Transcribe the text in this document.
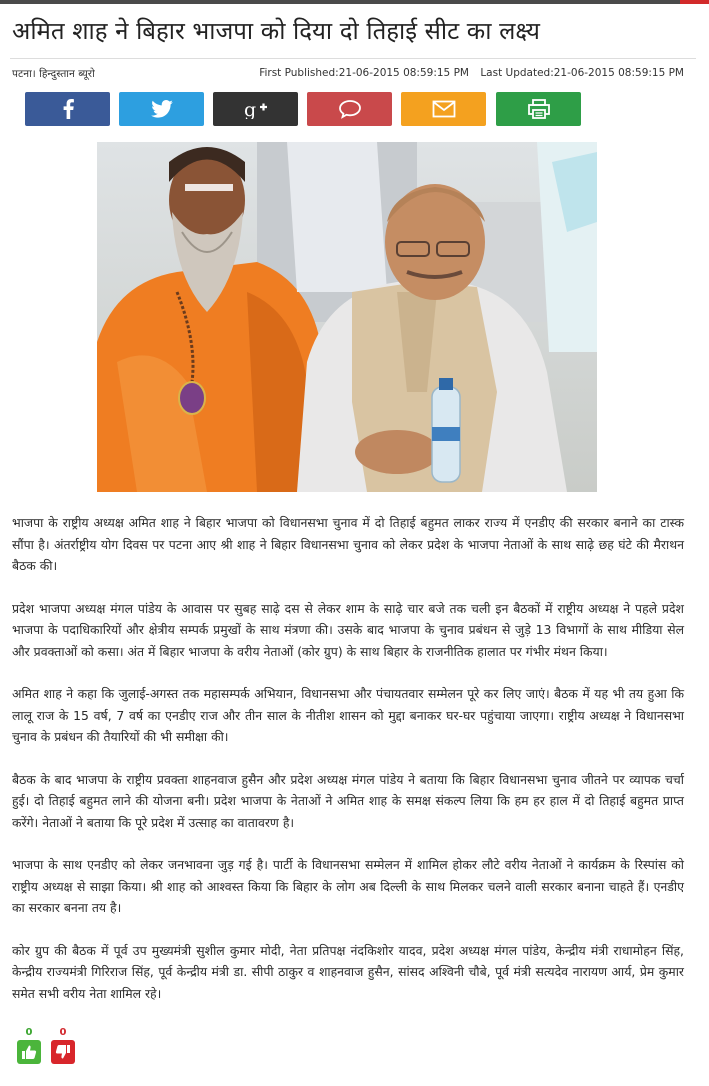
अमित शाह ने बिहार भाजपा को दिया दो तिहाई सीट का लक्ष्य
पटना। हिन्दुस्तान ब्यूरो	First Published:21-06-2015 08:59:15 PM Last Updated:21-06-2015 08:59:15 PM
g

भाजपा के राष्ट्रीय अध्यक्ष अमित शाह ने बिहार भाजपा को विधानसभा चुनाव में दो तिहाई बहुमत लाकर राज्य में एनडीए की सरकार बनाने का टास्क सौंपा है। अंतर्राष्ट्रीय योग दिवस पर पटना आए श्री शाह ने बिहार विधानसभा चुनाव को लेकर प्रदेश के भाजपा नेताओं के साथ साढ़े छह घंटे की मैराथन बैठक की।

प्रदेश भाजपा अध्यक्ष मंगल पांडेय के आवास पर सुबह साढ़े दस से लेकर शाम के साढ़े चार बजे तक चली इन बैठकों में राष्ट्रीय अध्यक्ष ने पहले प्रदेश भाजपा के पदाधिकारियों और क्षेत्रीय सम्पर्क प्रमुखों के साथ मंत्रणा की। उसके बाद भाजपा के चुनाव प्रबंधन से जुड़े 13 विभागों के साथ मीडिया सेल और प्रवक्ताओं को कसा। अंत में बिहार भाजपा के वरीय नेताओं (कोर ग्रुप) के साथ बिहार के राजनीतिक हालात पर गंभीर मंथन किया।

अमित शाह ने कहा कि जुलाई-अगस्त तक महासम्पर्क अभियान, विधानसभा और पंचायतवार सम्मेलन पूरे कर लिए जाएं। बैठक में यह भी तय हुआ कि लालू राज के 15 वर्ष, 7 वर्ष का एनडीए राज और तीन साल के नीतीश शासन को मुद्दा बनाकर घर-घर पहुंचाया जाएगा। राष्ट्रीय अध्यक्ष ने विधानसभा चुनाव के प्रबंधन की तैयारियों की भी समीक्षा की।

बैठक के बाद भाजपा के राष्ट्रीय प्रवक्ता शाहनवाज हुसैन और प्रदेश अध्यक्ष मंगल पांडेय ने बताया कि बिहार विधानसभा चुनाव जीतने पर व्यापक चर्चा हुई। दो तिहाई बहुमत लाने की योजना बनी। प्रदेश भाजपा के नेताओं ने अमित शाह के समक्ष संकल्प लिया कि हम हर हाल में दो तिहाई बहुमत प्राप्त करेंगे। नेताओं ने बताया कि पूरे प्रदेश में उत्साह का वातावरण है।

भाजपा के साथ एनडीए को लेकर जनभावना जुड़ गई है। पार्टी के विधानसभा सम्मेलन में शामिल होकर लौटे वरीय नेताओं ने कार्यक्रम के रिस्पांस को राष्ट्रीय अध्यक्ष से साझा किया। श्री शाह को आश्वस्त किया कि बिहार के लोग अब दिल्ली के साथ मिलकर चलने वाली सरकार बनाना चाहते हैं। एनडीए का सरकार बनना तय है।

कोर ग्रुप की बैठक में पूर्व उप मुख्यमंत्री सुशील कुमार मोदी, नेता प्रतिपक्ष नंदकिशोर यादव, प्रदेश अध्यक्ष मंगल पांडेय, केन्द्रीय मंत्री राधामोहन सिंह, केन्द्रीय राज्यमंत्री गिरिराज सिंह, पूर्व केन्द्रीय मंत्री डा. सीपी ठाकुर व शाहनवाज हुसैन, सांसद अश्विनी चौबे, पूर्व मंत्री सत्यदेव नारायण आर्य, प्रेम कुमार समेत सभी वरीय नेता शामिल रहे।

0	0
